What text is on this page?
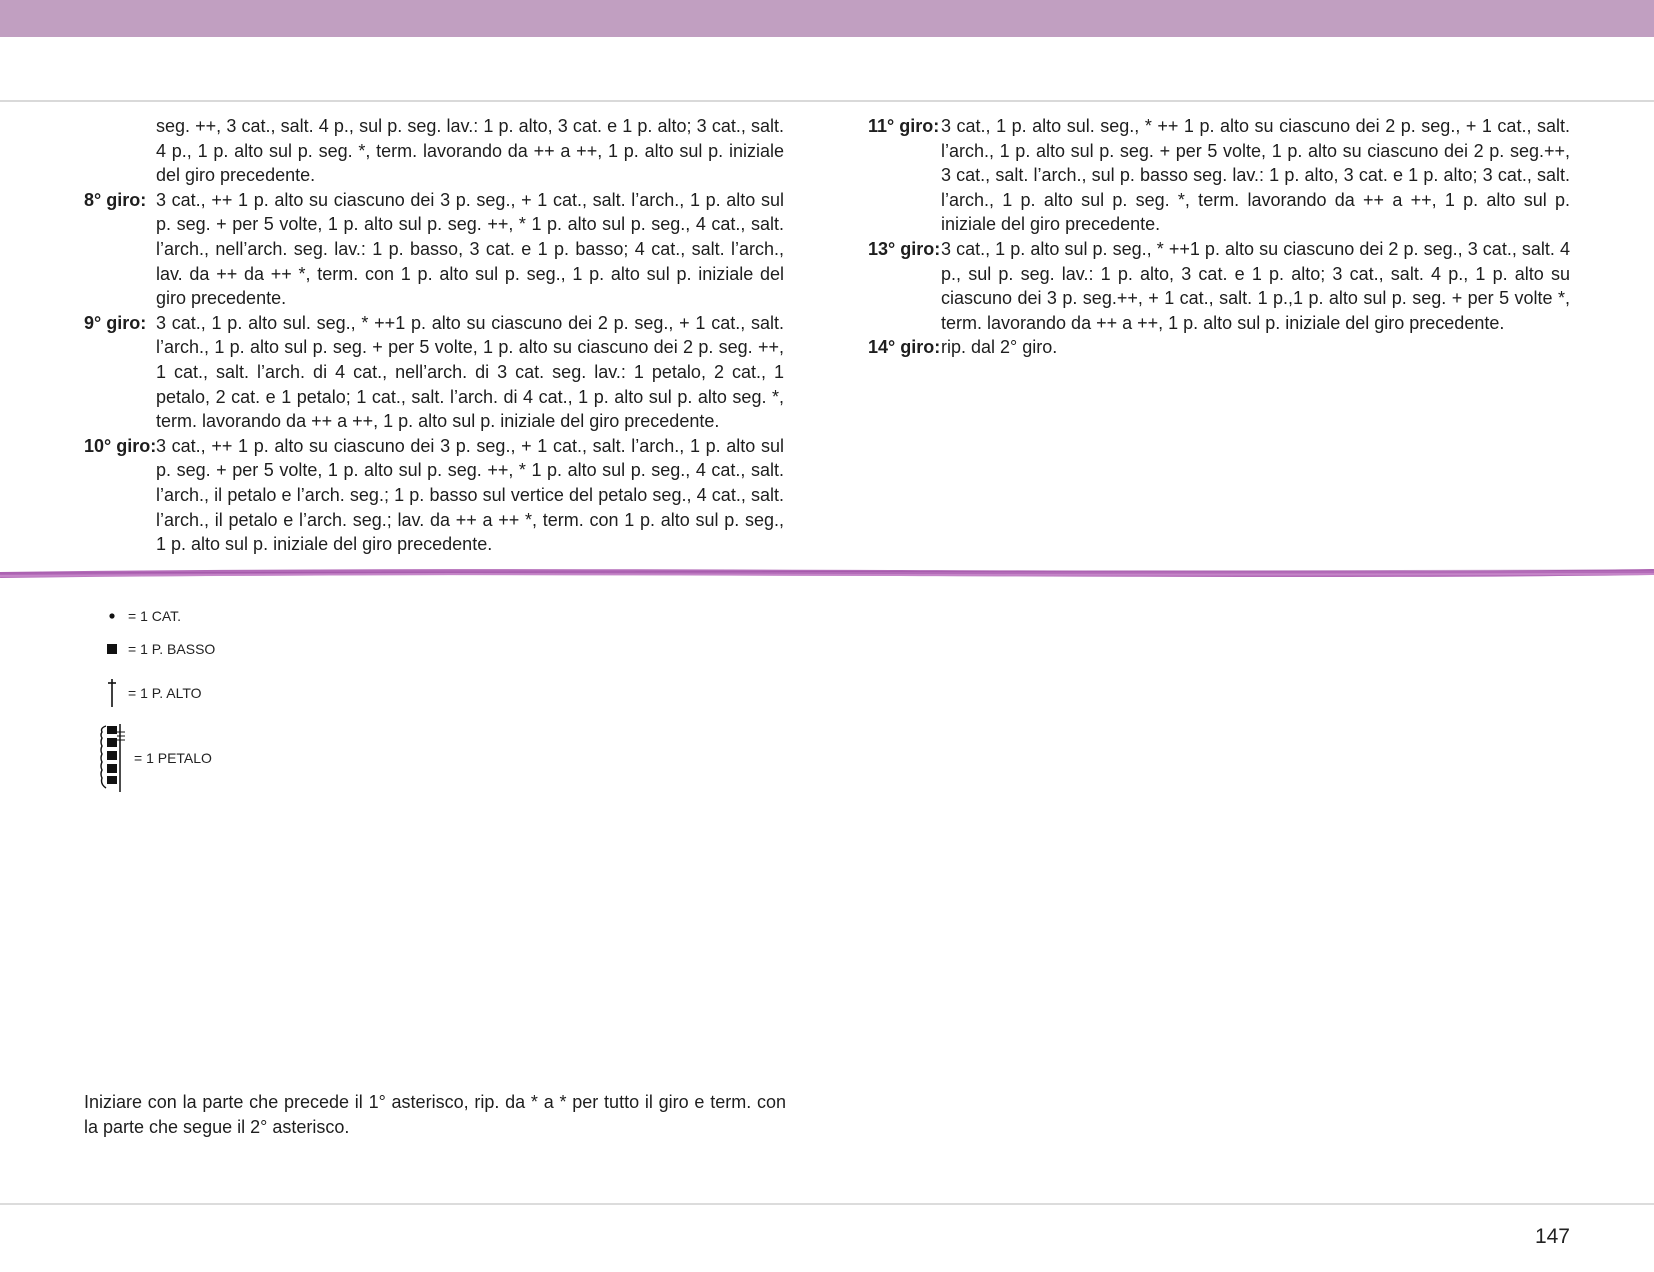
seg. ++, 3 cat., salt. 4 p., sul p. seg. lav.: 1 p. alto, 3 cat. e 1 p. alto; 3 cat., salt. 4 p., 1 p. alto sul p. seg. *, term. lavorando da ++ a ++, 1 p. alto sul p. iniziale del giro precedente.
8° giro: 3 cat., ++ 1 p. alto su ciascuno dei 3 p. seg., + 1 cat., salt. l’arch., 1 p. alto sul p. seg. + per 5 volte, 1 p. alto sul p. seg. ++, * 1 p. alto sul p. seg., 4 cat., salt. l’arch., nell’arch. seg. lav.: 1 p. basso, 3 cat. e 1 p. basso; 4 cat., salt. l’arch., lav. da ++ da ++ *, term. con 1 p. alto sul p. seg., 1 p. alto sul p. iniziale del giro precedente.
9° giro: 3 cat., 1 p. alto sul. seg., * ++1 p. alto su ciascuno dei 2 p. seg., + 1 cat., salt. l’arch., 1 p. alto sul p. seg. + per 5 volte, 1 p. alto su ciascuno dei 2 p. seg. ++, 1 cat., salt. l’arch. di 4 cat., nell’arch. di 3 cat. seg. lav.: 1 petalo, 2 cat., 1 petalo, 2 cat. e 1 petalo; 1 cat., salt. l’arch. di 4 cat., 1 p. alto sul p. alto seg. *, term. lavorando da ++ a ++, 1 p. alto sul p. iniziale del giro precedente.
10° giro: 3 cat., ++ 1 p. alto su ciascuno dei 3 p. seg., + 1 cat., salt. l’arch., 1 p. alto sul p. seg. + per 5 volte, 1 p. alto sul p. seg. ++, * 1 p. alto sul p. seg., 4 cat., salt. l’arch., il petalo e l’arch. seg.; 1 p. basso sul vertice del petalo seg., 4 cat., salt. l’arch., il petalo e l’arch. seg.; lav. da ++ a ++ *, term. con 1 p. alto sul p. seg., 1 p. alto sul p. iniziale del giro precedente.
11° giro: 3 cat., 1 p. alto sul. seg., * ++ 1 p. alto su ciascuno dei 2 p. seg., + 1 cat., salt. l’arch., 1 p. alto sul p. seg. + per 5 volte, 1 p. alto su ciascuno dei 2 p. seg.++, 3 cat., salt. l’arch., sul p. basso seg. lav.: 1 p. alto, 3 cat. e 1 p. alto; 3 cat., salt. l’arch., 1 p. alto sul p. seg. *, term. lavorando da ++ a ++, 1 p. alto sul p. iniziale del giro precedente.
13° giro: 3 cat., 1 p. alto sul p. seg., * ++1 p. alto su ciascuno dei 2 p. seg., 3 cat., salt. 4 p., sul p. seg. lav.: 1 p. alto, 3 cat. e 1 p. alto; 3 cat., salt. 4 p., 1 p. alto su ciascuno dei 3 p. seg.++, + 1 cat., salt. 1 p.,1 p. alto sul p. seg. + per 5 volte *, term. lavorando da ++ a ++, 1 p. alto sul p. iniziale del giro precedente.
14° giro: rip. dal 2° giro.
= 1 CAT.
= 1 P. BASSO
= 1 P. ALTO
= 1 PETALO
Iniziare con la parte che precede il 1° asterisco, rip. da * a * per tutto il giro e term. con la parte che segue il 2° asterisco.
147
